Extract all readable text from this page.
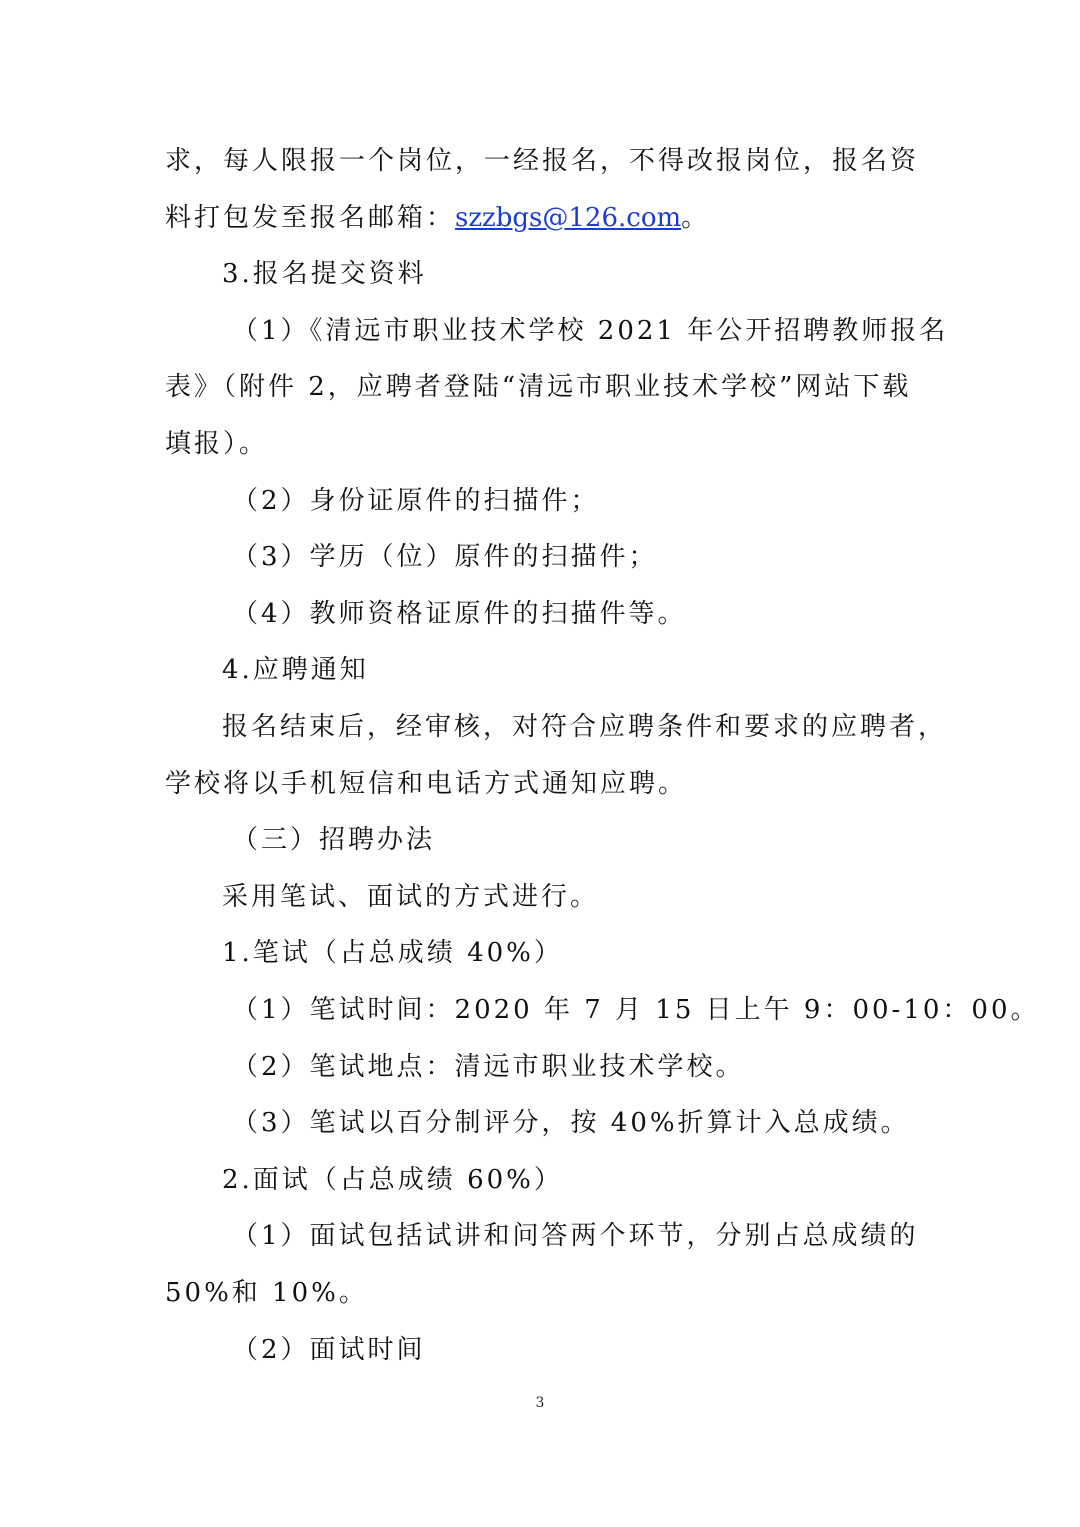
求，每人限报一个岗位，一经报名，不得改报岗位，报名资
料打包发至报名邮箱：szzbgs@126.com。
3.报名提交资料
（1）《清远市职业技术学校 2021 年公开招聘教师报名
表》（附件 2，应聘者登陆“清远市职业技术学校”网站下载
填报）。
（2）身份证原件的扫描件；
（3）学历（位）原件的扫描件；
（4）教师资格证原件的扫描件等。
4.应聘通知
报名结束后，经审核，对符合应聘条件和要求的应聘者，
学校将以手机短信和电话方式通知应聘。
（三）招聘办法
采用笔试、面试的方式进行。
1.笔试（占总成绩 40%）
（1）笔试时间：2020 年 7 月 15 日上午 9：00-10：00。
（2）笔试地点：清远市职业技术学校。
（3）笔试以百分制评分，按 40%折算计入总成绩。
2.面试（占总成绩 60%）
（1）面试包括试讲和问答两个环节，分别占总成绩的
50%和 10%。
（2）面试时间
3
